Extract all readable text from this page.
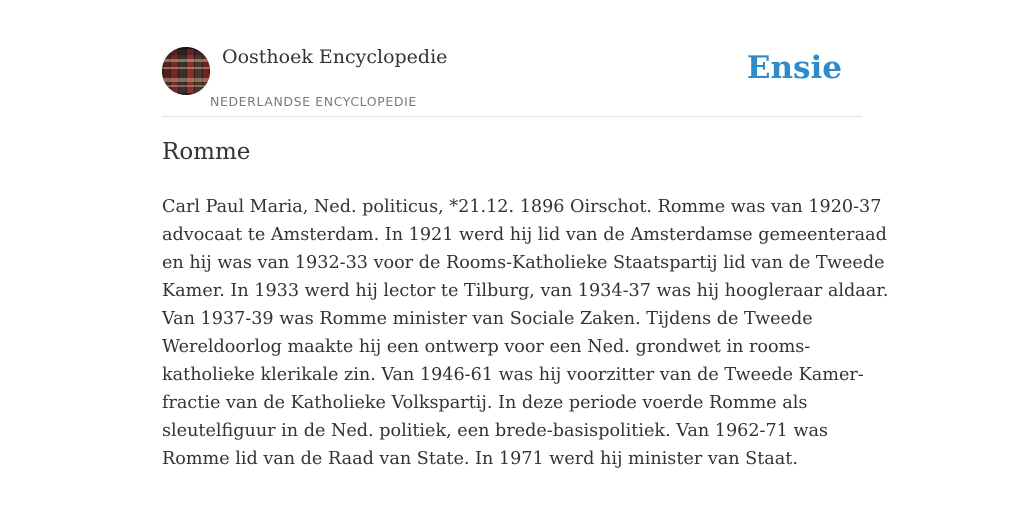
Oosthoek Encyclopedie
NEDERLANDSE ENCYCLOPEDIE
Ensie
Romme
Carl Paul Maria, Ned. politicus, *21.12. 1896 Oirschot. Romme was van 1920-37
advocaat te Amsterdam. In 1921 werd hij lid van de Amsterdamse gemeenteraad
en hij was van 1932-33 voor de Rooms-Katholieke Staatspartij lid van de Tweede
Kamer. In 1933 werd hij lector te Tilburg, van 1934-37 was hij hoogleraar aldaar.
Van 1937-39 was Romme minister van Sociale Zaken. Tijdens de Tweede
Wereldoorlog maakte hij een ontwerp voor een Ned. grondwet in rooms-
katholieke klerikale zin. Van 1946-61 was hij voorzitter van de Tweede Kamer-
fractie van de Katholieke Volkspartij. In deze periode voerde Romme als
sleutelfiguur in de Ned. politiek, een brede-basispolitiek. Van 1962-71 was
Romme lid van de Raad van State. In 1971 werd hij minister van Staat.
